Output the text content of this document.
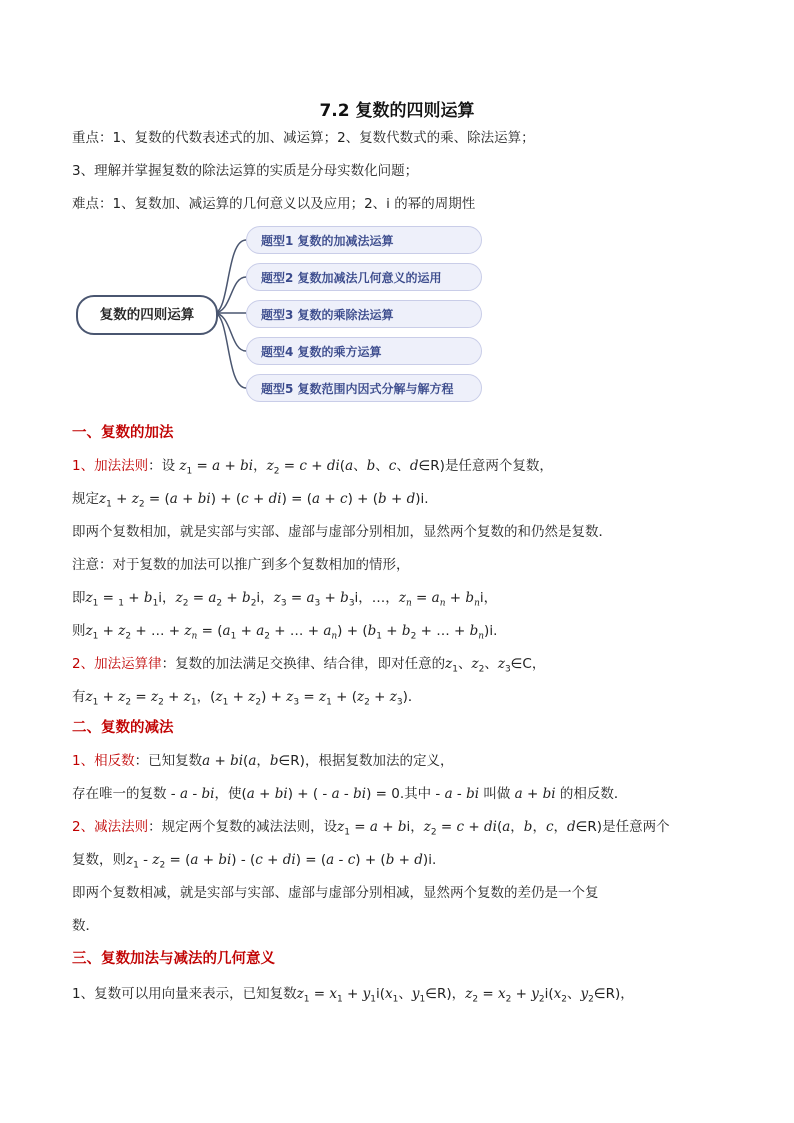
7.2 复数的四则运算
重点：1、复数的代数表述式的加、减运算；2、复数代数式的乘、除法运算；
3、理解并掌握复数的除法运算的实质是分母实数化问题；
难点：1、复数加、减运算的几何意义以及应用；2、i 的幂的周期性
复数的四则运算
题型1 复数的加减法运算
题型2 复数加减法几何意义的运用
题型3 复数的乘除法运算
题型4 复数的乘方运算
题型5 复数范围内因式分解与解方程
一、复数的加法
1、加法法则：设 $z_1 = a$ + bi，$z_2 = c + di(a$、b、c、d∈R)是任意两个复数，
规定$z_1 + z_2 = (a + bi) + (c + di) = (a + c) + (b + d)i$.
即两个复数相加，就是实部与实部、虚部与虚部分别相加，显然两个复数的和仍然是复数．
注意：对于复数的加法可以推广到多个复数相加的情形，
即$z_1 = _1 + b_1i$，$z_2 = a_2 + b_2i$，$z_3 = a_3 + b_3i$，…，$z_n = a_n + b_ni$，
则$z_1 + z_2$ + … + $z_n = (a_1 + a_2$ + … + $a_n) + (b_1 + b_2$ + … + $b_n)i$.
2、加法运算律：复数的加法满足交换律、结合律，即对任意的$z_1$、$z_2$、$z_3\in C$，
有$z_1 + z_2 = z_2 + z_1$，$(z_1 + z_2) + z_3 = z_1 + (z_2 + z_3)$．
二、复数的减法
1、相反数：已知复数a + bi(a，b∈R)，根据复数加法的定义，
存在唯一的复数 - a - bi，使(a + bi) + ( - a - bi) = 0.其中 - a - bi 叫做 a + bi 的相反数．
2、减法法则：规定两个复数的减法法则，设$z_1 = a$ + bi，$z_2 = c + di(a$，b，c，d∈R)是任意两个
复数，则$z_1 - z_2 = (a + bi) - (c + di) = (a - c) + (b + d)i$.
即两个复数相减，就是实部与实部、虚部与虚部分别相减，显然两个复数的差仍是一个复
数．
三、复数加法与减法的几何意义
1、复数可以用向量来表示，已知复数$z_1 = x_1 + y_1i(x_1$、$y_1\in R$)，$z_2 = x_2 + y_2i(x_2$、$y_2\in R$)，
